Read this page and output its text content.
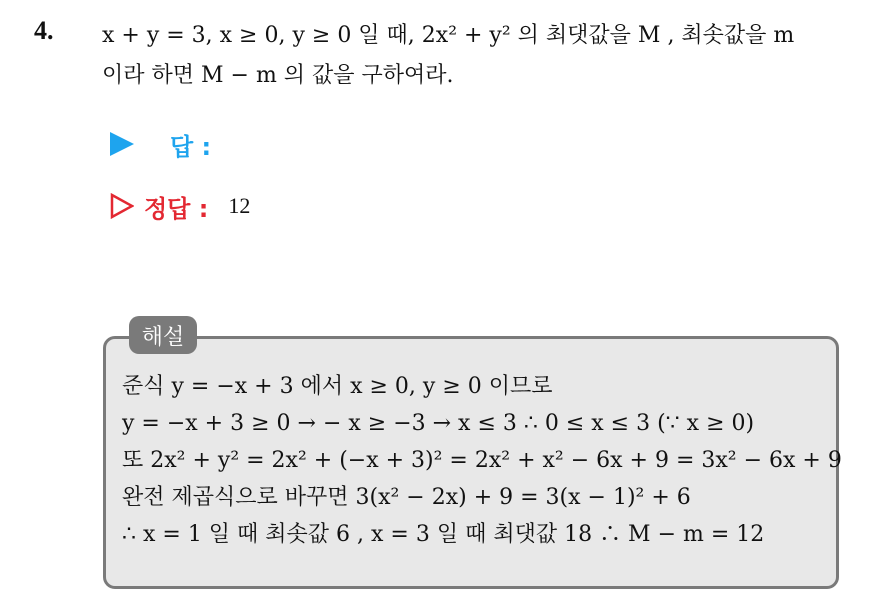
4. x + y = 3, x ≥ 0, y ≥ 0 일 때, 2x² + y² 의 최댓값을 M , 최솟값을 m
이라 하면 M − m 의 값을 구하여라.
답 :
정답 : 12
해설
준식 y = −x + 3 에서 x ≥ 0, y ≥ 0 이므로
y = −x + 3 ≥ 0 → − x ≥ −3 → x ≤ 3 ∴ 0 ≤ x ≤ 3 (∵ x ≥ 0)
또 2x² + y² = 2x² + (−x + 3)² = 2x² + x² − 6x + 9 = 3x² − 6x + 9
완전 제곱식으로 바꾸면 3(x² − 2x) + 9 = 3(x − 1)² + 6
∴ x = 1 일 때 최솟값 6 , x = 3 일 때 최댓값 18 ∴ M − m = 12
